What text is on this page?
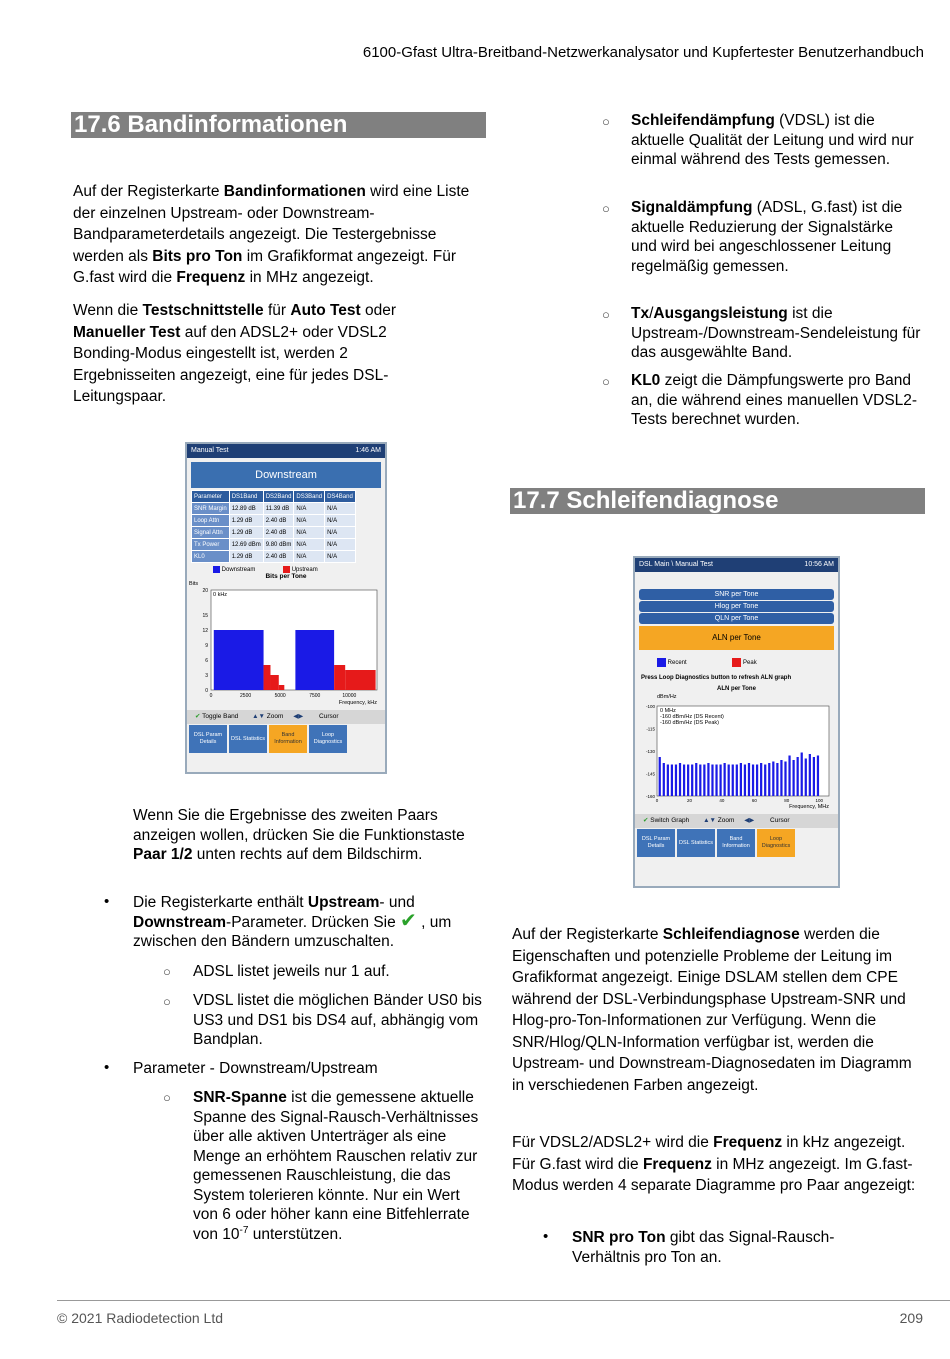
6100-Gfast Ultra-Breitband-Netzwerkanalysator und Kupfertester Benutzerhandbuch
17.6 Bandinformationen
Auf der Registerkarte Bandinformationen wird eine Liste der einzelnen Upstream- oder Downstream-Bandparameterdetails angezeigt. Die Testergebnisse werden als Bits pro Ton im Grafikformat angezeigt. Für G.fast wird die Frequenz in MHz angezeigt.
Wenn die Testschnittstelle für Auto Test oder Manueller Test auf den ADSL2+ oder VDSL2 Bonding-Modus eingestellt ist, werden 2 Ergebnisseiten angezeigt, eine für jedes DSL-Leitungspaar.
Manual Test	1:46 AM
Downstream
Parameter	DS1Band	DS2Band	DS3Band	DS4Band
SNR Margin	12.89 dB	11.39 dB	N/A	N/A
Loop Attn	1.29 dB	2.40 dB	N/A	N/A
Signal Attn	1.29 dB	2.40 dB	N/A	N/A
Tx Power	12.69 dBm	9.80 dBm	N/A	N/A
KL0	1.29 dB	2.40 dB	N/A	N/A
Downstream	Upstream
Bits per Tone
Bits
0 kHz
20
15
12
9
6
3
0
0	2500	5000	7500	10000
Frequency, kHz
✔ Toggle Band ▲▼ Zoom ◀▶ Cursor
DSL Param Details
DSL Statistics
Band Information
Loop Diagnostics
Wenn Sie die Ergebnisse des zweiten Paars anzeigen wollen, drücken Sie die Funktionstaste Paar 1/2 unten rechts auf dem Bildschirm.
• Die Registerkarte enthält Upstream- und Downstream-Parameter. Drücken Sie ✔ , um zwischen den Bändern umzuschalten.
○ ADSL listet jeweils nur 1 auf.
○ VDSL listet die möglichen Bänder US0 bis US3 und DS1 bis DS4 auf, abhängig vom Bandplan.
• Parameter - Downstream/Upstream
○ SNR-Spanne ist die gemessene aktuelle Spanne des Signal-Rausch-Verhältnisses über alle aktiven Unterträger als eine Menge an erhöhtem Rauschen relativ zur gemessenen Rauschleistung, die das System tolerieren könnte. Nur ein Wert von 6 oder höher kann eine Bitfehlerrate von $10^{-7}$ unterstützen.
○ Schleifendämpfung (VDSL) ist die aktuelle Qualität der Leitung und wird nur einmal während des Tests gemessen.
○ Signaldämpfung (ADSL, G.fast) ist die aktuelle Reduzierung der Signalstärke und wird bei angeschlossener Leitung regelmäßig gemessen.
○ Tx/Ausgangsleistung ist die Upstream-/Downstream-Sendeleistung für das ausgewählte Band.
○ KL0 zeigt die Dämpfungswerte pro Band an, die während eines manuellen VDSL2-Tests berechnet wurden.
17.7 Schleifendiagnose
DSL Main \ Manual Test	10:56 AM
SNR per Tone
Hlog per Tone
QLN per Tone
ALN per Tone
Recent	Peak
Press Loop Diagnostics button to refresh ALN graph
ALN per Tone
dBm/Hz
0 MHz
-160 dBm/Hz (DS Recent)
-160 dBm/Hz (DS Peak)
-100
-115
-130
-145
-160
0	20	40	60	80	100
Frequency, MHz
✔ Switch Graph ▲▼ Zoom ◀▶ Cursor
DSL Param Details
DSL Statistics
Band Information
Loop Diagnostics
Auf der Registerkarte Schleifendiagnose werden die Eigenschaften und potenzielle Probleme der Leitung im Grafikformat angezeigt. Einige DSLAM stellen dem CPE während der DSL-Verbindungsphase Upstream-SNR und Hlog-pro-Ton-Informationen zur Verfügung. Wenn die SNR/Hlog/QLN-Information verfügbar ist, werden die Upstream- und Downstream-Diagnosedaten im Diagramm in verschiedenen Farben angezeigt.
Für VDSL2/ADSL2+ wird die Frequenz in kHz angezeigt. Für G.fast wird die Frequenz in MHz angezeigt. Im G.fast-Modus werden 4 separate Diagramme pro Paar angezeigt:
• SNR pro Ton gibt das Signal-Rausch-Verhältnis pro Ton an.
© 2021 Radiodetection Ltd	209
